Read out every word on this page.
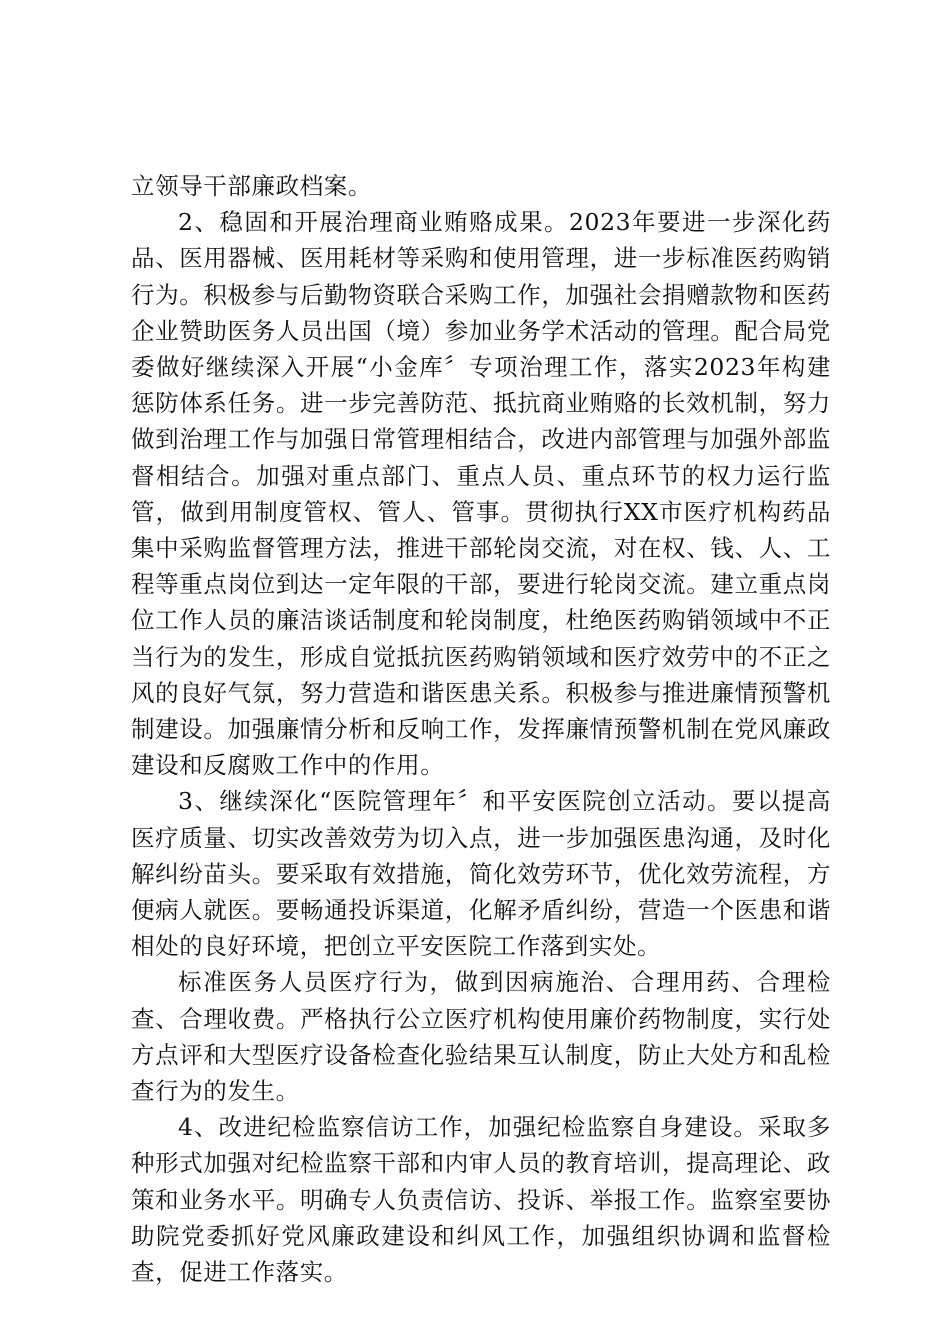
立领导干部廉政档案。

2、稳固和开展治理商业贿赂成果。2023年要进一步深化药品、医用器械、医用耗材等采购和使用管理，进一步标准医药购销行为。积极参与后勤物资联合采购工作，加强社会捐赠款物和医药企业赞助医务人员出国（境）参加业务学术活动的管理。配合局党委做好继续深入开展“小金库〞专项治理工作，落实2023年构建惩防体系任务。进一步完善防范、抵抗商业贿赂的长效机制，努力做到治理工作与加强日常管理相结合，改进内部管理与加强外部监督相结合。加强对重点部门、重点人员、重点环节的权力运行监管，做到用制度管权、管人、管事。贯彻执行XX市医疗机构药品集中采购监督管理方法，推进干部轮岗交流，对在权、钱、人、工程等重点岗位到达一定年限的干部，要进行轮岗交流。建立重点岗位工作人员的廉洁谈话制度和轮岗制度，杜绝医药购销领域中不正当行为的发生，形成自觉抵抗医药购销领域和医疗效劳中的不正之风的良好气氛，努力营造和谐医患关系。积极参与推进廉情预警机制建设。加强廉情分析和反响工作，发挥廉情预警机制在党风廉政建设和反腐败工作中的作用。

3、继续深化“医院管理年〞和平安医院创立活动。要以提高医疗质量、切实改善效劳为切入点，进一步加强医患沟通，及时化解纠纷苗头。要采取有效措施，简化效劳环节，优化效劳流程，方便病人就医。要畅通投诉渠道，化解矛盾纠纷，营造一个医患和谐相处的良好环境，把创立平安医院工作落到实处。

标准医务人员医疗行为，做到因病施治、合理用药、合理检查、合理收费。严格执行公立医疗机构使用廉价药物制度，实行处方点评和大型医疗设备检查化验结果互认制度，防止大处方和乱检查行为的发生。

4、改进纪检监察信访工作，加强纪检监察自身建设。采取多种形式加强对纪检监察干部和内审人员的教育培训，提高理论、政策和业务水平。明确专人负责信访、投诉、举报工作。监察室要协助院党委抓好党风廉政建设和纠风工作，加强组织协调和监督检查，促进工作落实。
